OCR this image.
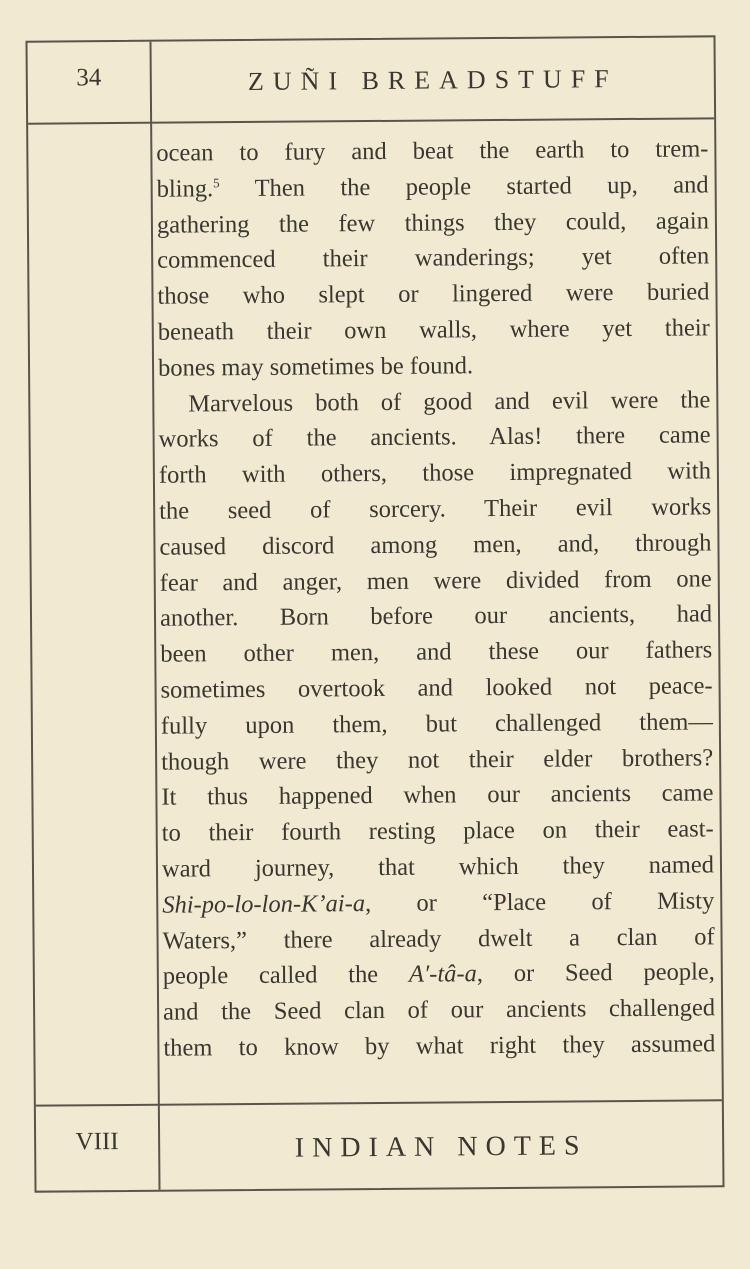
34	ZUÑI BREADSTUFF
ocean to fury and beat the earth to trem-
bling.$^5$ Then the people started up, and
gathering the few things they could, again
commenced their wanderings; yet often
those who slept or lingered were buried
beneath their own walls, where yet their
bones may sometimes be found.
Marvelous both of good and evil were the
works of the ancients. Alas! there came
forth with others, those impregnated with
the seed of sorcery. Their evil works
caused discord among men, and, through
fear and anger, men were divided from one
another. Born before our ancients, had
been other men, and these our fathers
sometimes overtook and looked not peace-
fully upon them, but challenged them—
though were they not their elder brothers?
It thus happened when our ancients came
to their fourth resting place on their east-
ward journey, that which they named
Shi-po-lo-lon-K’ai-a, or “Place of Misty
Waters,” there already dwelt a clan of
people called the A′-tâ-a, or Seed people,
and the Seed clan of our ancients challenged
them to know by what right they assumed
VIII	INDIAN NOTES
